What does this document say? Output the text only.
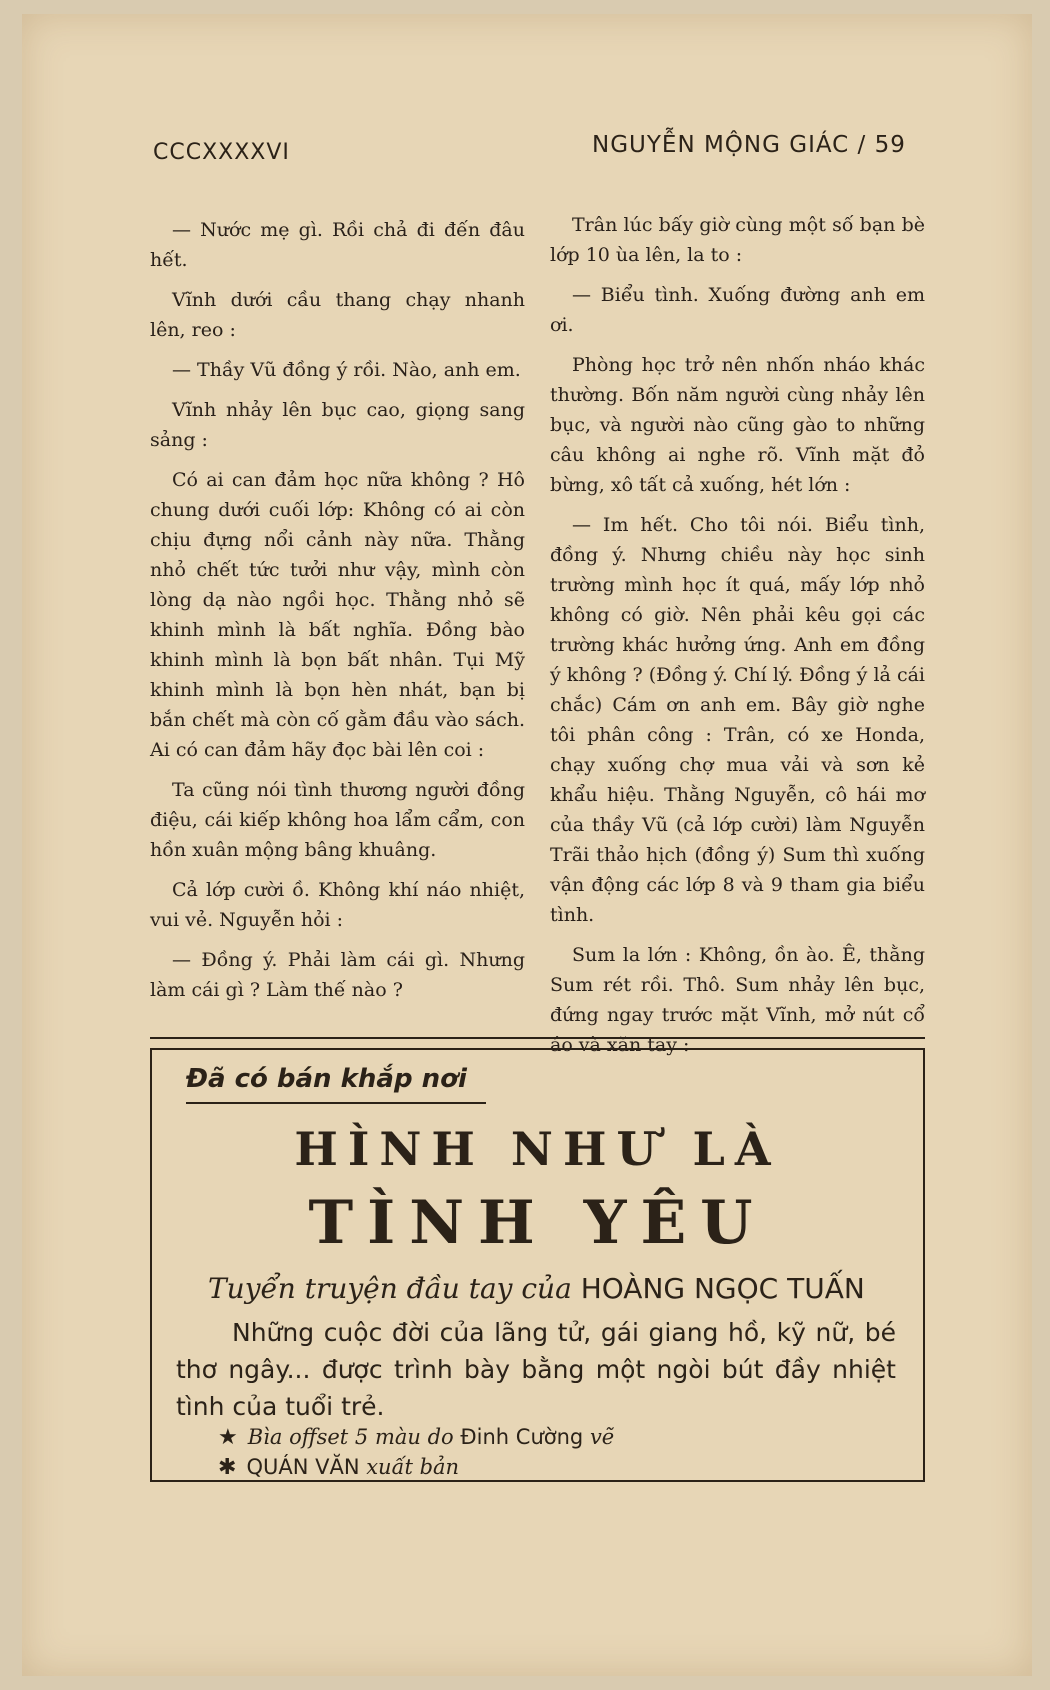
CCCXXXXVI	NGUYỄN MỘNG GIÁC / 59

— Nước mẹ gì. Rồi chả đi đến đâu hết.

Vĩnh dưới cầu thang chạy nhanh lên, reo :

— Thầy Vũ đồng ý rồi. Nào, anh em.

Vĩnh nhảy lên bục cao, giọng sang sảng :

Có ai can đảm học nữa không ? Hô chung dưới cuối lớp: Không có ai còn chịu đựng nổi cảnh này nữa. Thằng nhỏ chết tức tưởi như vậy, mình còn lòng dạ nào ngồi học. Thằng nhỏ sẽ khinh mình là bất nghĩa. Đồng bào khinh mình là bọn bất nhân. Tụi Mỹ khinh mình là bọn hèn nhát, bạn bị bắn chết mà còn cố gằm đầu vào sách. Ai có can đảm hãy đọc bài lên coi :

Ta cũng nói tình thương người đồng điệu, cái kiếp không hoa lẩm cẩm, con hồn xuân mộng bâng khuâng.

Cả lớp cười ồ. Không khí náo nhiệt, vui vẻ. Nguyễn hỏi :

— Đồng ý. Phải làm cái gì. Nhưng làm cái gì ? Làm thế nào ?

Trân lúc bấy giờ cùng một số bạn bè lớp 10 ùa lên, la to :

— Biểu tình. Xuống đường anh em ơi.

Phòng học trở nên nhốn nháo khác thường. Bốn năm người cùng nhảy lên bục, và người nào cũng gào to những câu không ai nghe rõ. Vĩnh mặt đỏ bừng, xô tất cả xuống, hét lớn :

— Im hết. Cho tôi nói. Biểu tình, đồng ý. Nhưng chiều này học sinh trường mình học ít quá, mấy lớp nhỏ không có giờ. Nên phải kêu gọi các trường khác hưởng ứng. Anh em đồng ý không ? (Đồng ý. Chí lý. Đồng ý lả cái chắc) Cám ơn anh em. Bây giờ nghe tôi phân công : Trân, có xe Honda, chạy xuống chợ mua vải và sơn kẻ khẩu hiệu. Thằng Nguyễn, cô hái mơ của thầy Vũ (cả lớp cười) làm Nguyễn Trãi thảo hịch (đồng ý) Sum thì xuống vận động các lớp 8 và 9 tham gia biểu tình.

Sum la lớn : Không, ồn ào. Ê, thằng Sum rét rồi. Thô. Sum nhảy lên bục, đứng ngay trước mặt Vĩnh, mở nút cổ áo và xăn tay :

Đã có bán khắp nơi
HÌNH NHƯ LÀ
TÌNH YÊU
Tuyển truyện đầu tay của HOÀNG NGỌC TUẤN
Những cuộc đời của lãng tử, gái giang hồ, kỹ nữ, bé thơ ngây... được trình bày bằng một ngòi bút đầy nhiệt tình của tuổi trẻ.
★ Bìa offset 5 màu do Đinh Cường vẽ
✱ QUÁN VĂN xuất bản
